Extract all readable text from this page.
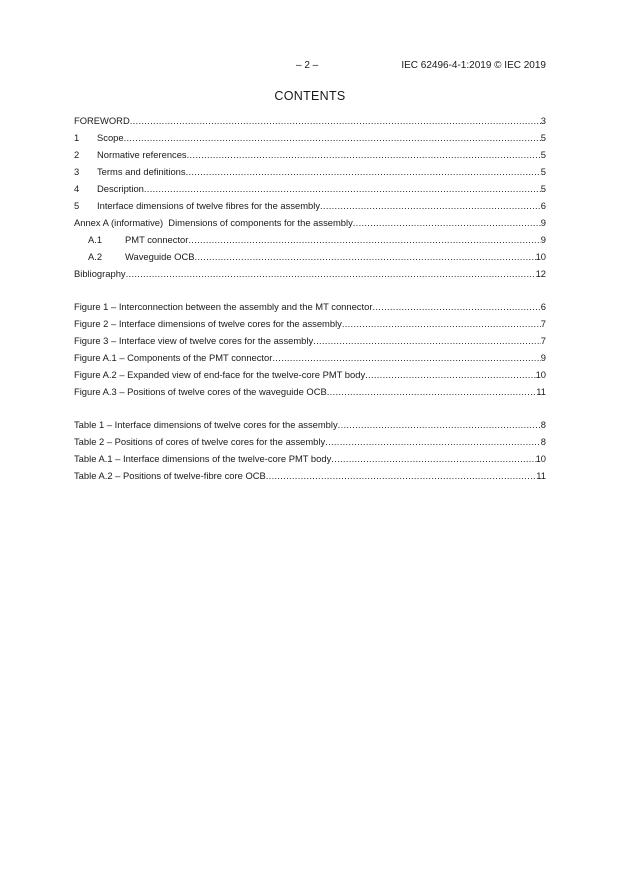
– 2 –	IEC 62496-4-1:2019 © IEC 2019
CONTENTS
FOREWORD .....	3
1	Scope .....	5
2	Normative references .....	5
3	Terms and definitions .....	5
4	Description .....	5
5	Interface dimensions of twelve fibres for the assembly .....	6
Annex A (informative)  Dimensions of components for the assembly .....	9
A.1	PMT connector .....	9
A.2	Waveguide OCB .....	10
Bibliography .....	12
Figure 1 – Interconnection between the assembly and the MT connector .....	6
Figure 2 – Interface dimensions of twelve cores for the assembly .....	7
Figure 3 – Interface view of twelve cores for the assembly .....	7
Figure A.1 – Components of the PMT connector .....	9
Figure A.2 – Expanded view of end-face for the twelve-core PMT body .....	10
Figure A.3 – Positions of twelve cores of the waveguide OCB .....	11
Table 1 – Interface dimensions of twelve cores for the assembly .....	8
Table 2 – Positions of cores of twelve cores for the assembly .....	8
Table A.1 – Interface dimensions of the twelve-core PMT body .....	10
Table A.2 – Positions of twelve-fibre core OCB .....	11
